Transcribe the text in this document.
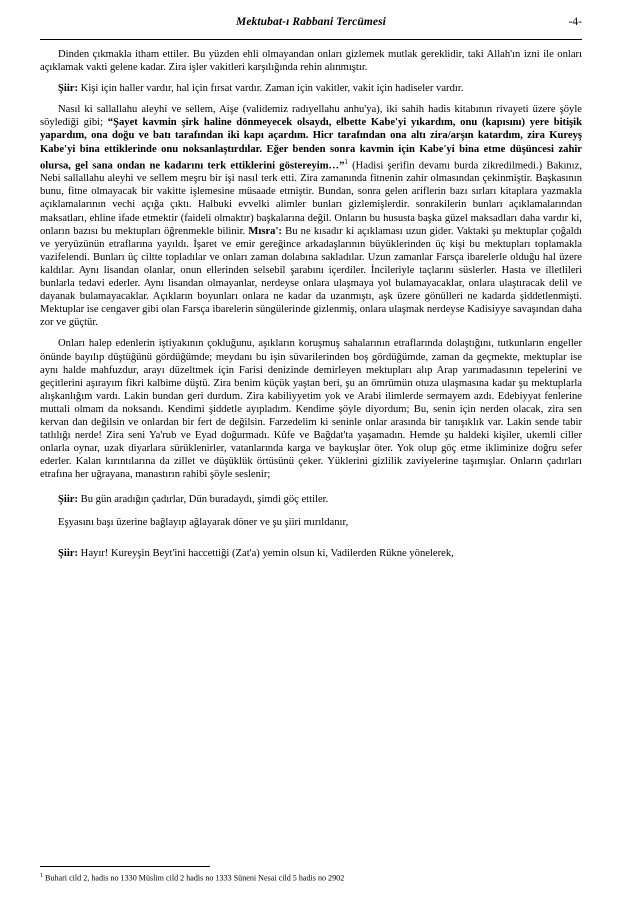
Mektubat-ı Rabbani Tercümesi	-4-

Dinden çıkmakla itham ettiler. Bu yüzden ehli olmayandan onları gizlemek mutlak gereklidir, taki Allah'ın izni ile onları açıklamak vakti gelene kadar. Zira işler vakitleri karşılığında rehin alınmıştır.

Şiir: Kişi için haller vardır, hal için fırsat vardır. Zaman için vakitler, vakit için hadiseler vardır.

Nasıl ki sallallahu aleyhi ve sellem, Aişe (validemiz radıyellahu anhu'ya), iki sahih hadis kitabının rivayeti üzere şöyle söylediği gibi; “Şayet kavmin şirk haline dönmeyecek olsaydı, elbette Kabe'yi yıkardım, onu (kapısını) yere bitişik yapardım, ona doğu ve batı tarafından iki kapı açardım. Hicr tarafından ona altı zira/arşın katardım, zira Kureyş Kabe'yi bina ettiklerinde onu noksanlaştırdılar. Eğer benden sonra kavmin için Kabe'yi bina etme düşüncesi zahir olursa, gel sana ondan ne kadarını terk ettiklerini göstereyim…”$^1$ (Hadisi şerifin devamı burda zikredilmedi.) Bakınız, Nebi sallallahu aleyhi ve sellem meşru bir işi nasıl terk etti. Zira zamanında fitnenin zahir olmasından çekinmiştir. Başkasının bunu, fitne olmayacak bir vakitte işlemesine müsaade etmiştir. Bundan, sonra gelen ariflerin bazı sırları kitaplara yazmakla açıklamalarının vechi açığa çıktı. Halbuki evvelki alimler bunları gizlemişlerdir. sonrakilerin bunları açıklamalarından maksatları, ehline ifade etmektir (faideli olmaktır) başkalarına değil. Onların bu hususta başka güzel maksadları daha vardır ki, onların bazısı bu mektupları öğrenmekle bilinir. Mısra': Bu ne kısadır ki açıklaması uzun gider. Vaktaki şu mektuplar çoğaldı ve yeryüzünün etraflarına yayıldı. İşaret ve emir gereğince arkadaşlarının büyüklerinden üç kişi bu mektupları toplamakla vazifelendi. Bunları üç ciltte topladılar ve onları zaman dolabına sakladılar. Uzun zamanlar Farsça ibarelerle olduğu hal üzere kaldılar. Aynı lisandan olanlar, onun ellerinden selsebil şarabını içerdiler. İncileriyle taçlarını süslerler. Hasta ve illetlileri bunlarla tedavi ederler. Aynı lisandan olmayanlar, nerdeyse onlara ulaşmaya yol bulamayacaklar, onlara ulaştıracak delil ve dayanak bulamayacaklar. Açıkların boyunları onlara ne kadar da uzanmıştı, aşk üzere gönülleri ne kadarda şiddetlenmişti. Mektuplar ise cengaver gibi olan Farsça ibarelerin süngülerinde gizlenmiş, onlara ulaşmak nerdeyse Kadisiyye savaşından daha zor ve güçtür.

Onları halep edenlerin iştiyakının çokluğunu, aşıkların koruşmuş sahalarının etraflarında dolaştığını, tutkunların engeller önünde bayılıp düştüğünü gördüğümde; meydanı bu işin süvarilerinden boş gördüğümde, zaman da geçmekte, mektuplar ise aynı halde mahfuzdur, arayı düzeltmek için Farisi denizinde demirleyen mektupları alıp Arap yarımadasının tepelerini ve geçitlerini aşırayım fikri kalbime düştü. Zira benim küçük yaştan beri, şu an ömrümün otuza ulaşmasına kadar şu mektuplarla alışkanlığım vardı. Lakin bundan geri durdum. Zira kabiliyyetim yok ve Arabi ilimlerde sermayem azdı. Edebiyyat fenlerine muttali olmam da noksandı. Kendimi şiddetle ayıpladım. Kendime şöyle diyordum; Bu, senin için nerden olacak, zira sen kervan dan değilsin ve onlardan bir fert de değilsin. Farzedelim ki seninle onlar arasında bir tanışıklık var. Lakin sende tabir tatlılığı nerde! Zira seni Ya'rub ve Eyad doğurmadı. Kûfe ve Bağdat'ta yaşamadın. Hemde şu haldeki kişiler, ukemli ciller onlarla oynar, uzak diyarlara sürüklenirler, vatanlarında karga ve baykuşlar öter. Yok olup göç etme ikliminize doğru sefer ederler. Kalan kırıntılarına da zillet ve düşüklük örtüsünü çeker. Yüklerini gizlilik zaviyelerine taşımışlar. Onların çadırları etrafına her uğrayana, manastırın rahibi şöyle seslenir;

Şiir: Bu gün aradığın çadırlar, Dün buradaydı, şimdi göç ettiler.

Eşyasını başı üzerine bağlayıp ağlayarak döner ve şu şiiri mırıldanır,

Şiir: Hayır! Kureyşin Beyt'ini haccettiği (Zat'a) yemin olsun ki, Vadilerden Rükne yönelerek,

$^1$ Buhari cild 2, hadis no 1330 Müslim cild 2 hadis no 1333 Süneni Nesai cild 5 hadis no 2902
